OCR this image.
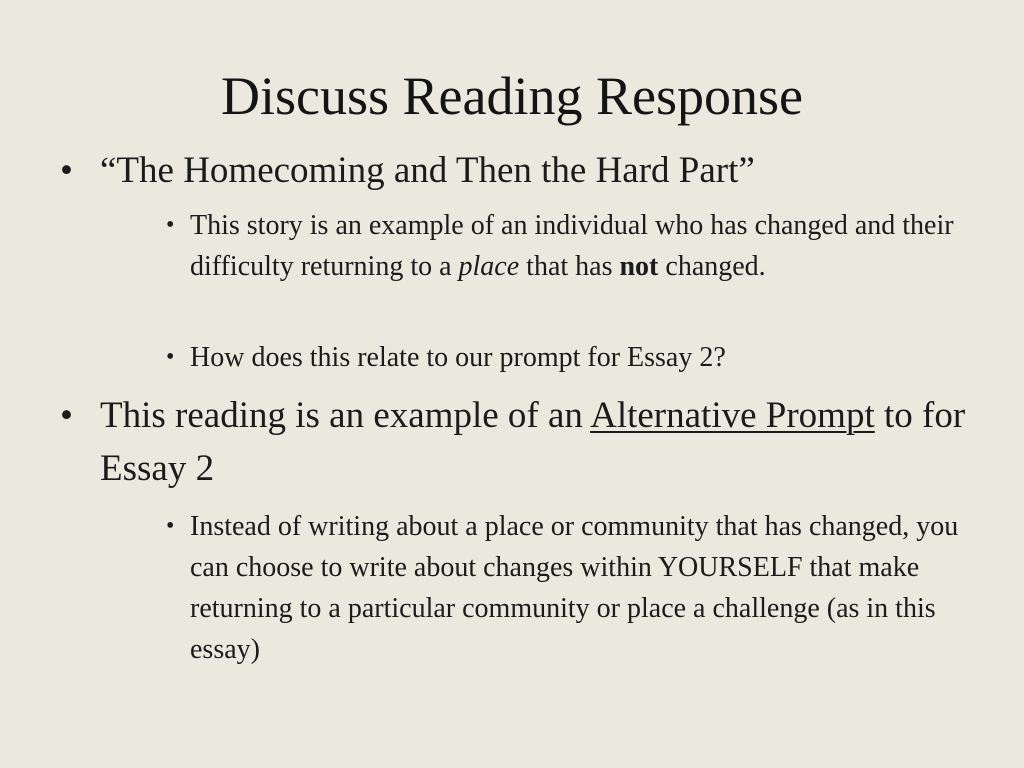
Discuss Reading Response
• “The Homecoming and Then the Hard Part”
• This story is an example of an individual who has changed and their difficulty returning to a place that has not changed.
• How does this relate to our prompt for Essay 2?
• This reading is an example of an Alternative Prompt to for Essay 2
• Instead of writing about a place or community that has changed, you can choose to write about changes within YOURSELF that make returning to a particular community or place a challenge (as in this essay)
